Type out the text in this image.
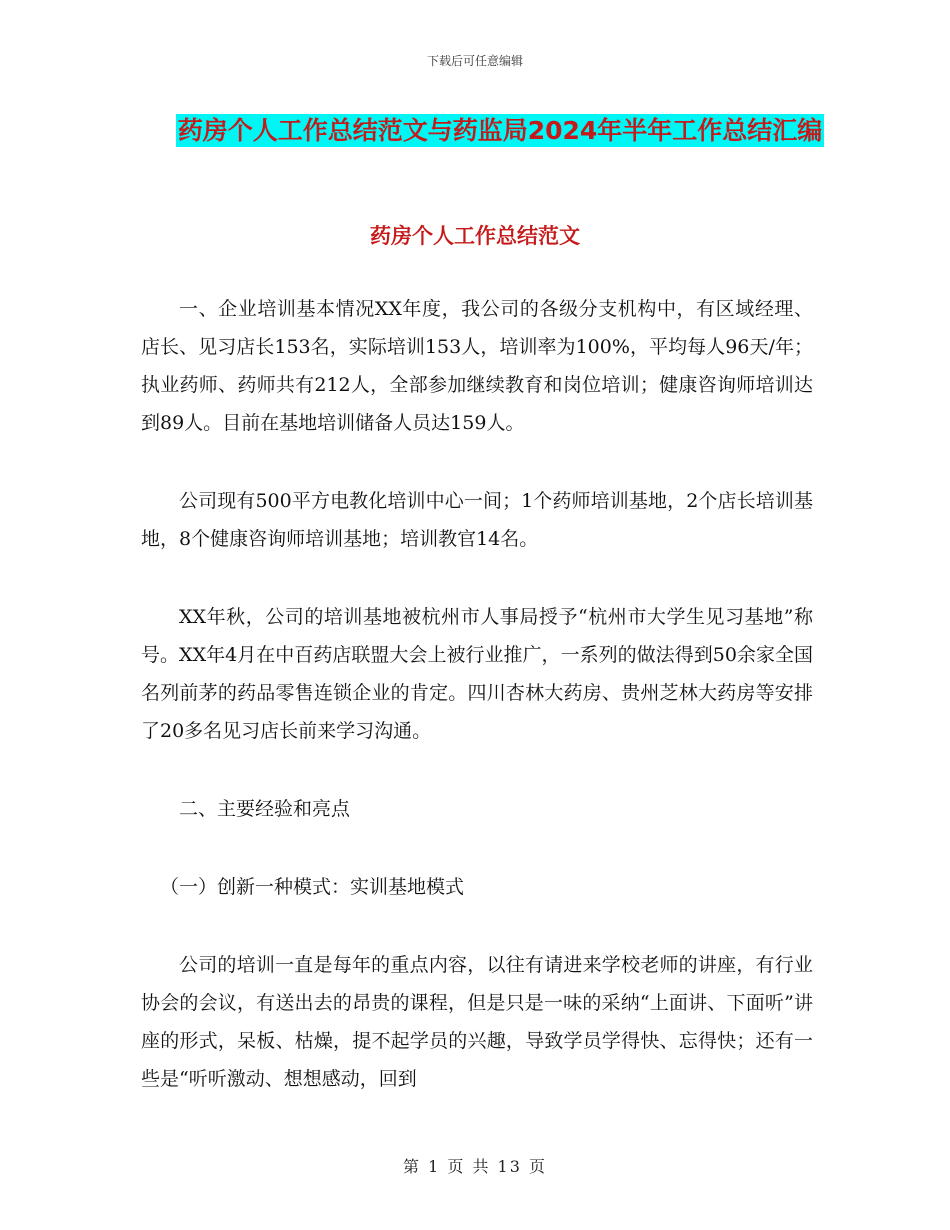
下载后可任意编辑
药房个人工作总结范文与药监局2024年半年工作总结汇编
药房个人工作总结范文

一、企业培训基本情况XX年度，我公司的各级分支机构中，有区域经理、店长、见习店长153名，实际培训153人，培训率为100%，平均每人96天/年；执业药师、药师共有212人，全部参加继续教育和岗位培训；健康咨询师培训达到89人。目前在基地培训储备人员达159人。

公司现有500平方电教化培训中心一间；1个药师培训基地，2个店长培训基地，8个健康咨询师培训基地；培训教官14名。

XX年秋，公司的培训基地被杭州市人事局授予“杭州市大学生见习基地”称号。XX年4月在中百药店联盟大会上被行业推广，一系列的做法得到50余家全国名列前茅的药品零售连锁企业的肯定。四川杏林大药房、贵州芝林大药房等安排了20多名见习店长前来学习沟通。

二、主要经验和亮点

（一）创新一种模式：实训基地模式

公司的培训一直是每年的重点内容，以往有请进来学校老师的讲座，有行业协会的会议，有送出去的昂贵的课程，但是只是一味的采纳“上面讲、下面听”讲座的形式，呆板、枯燥，提不起学员的兴趣，导致学员学得快、忘得快；还有一些是“听听激动、想想感动，回到

第 1 页 共 13 页
